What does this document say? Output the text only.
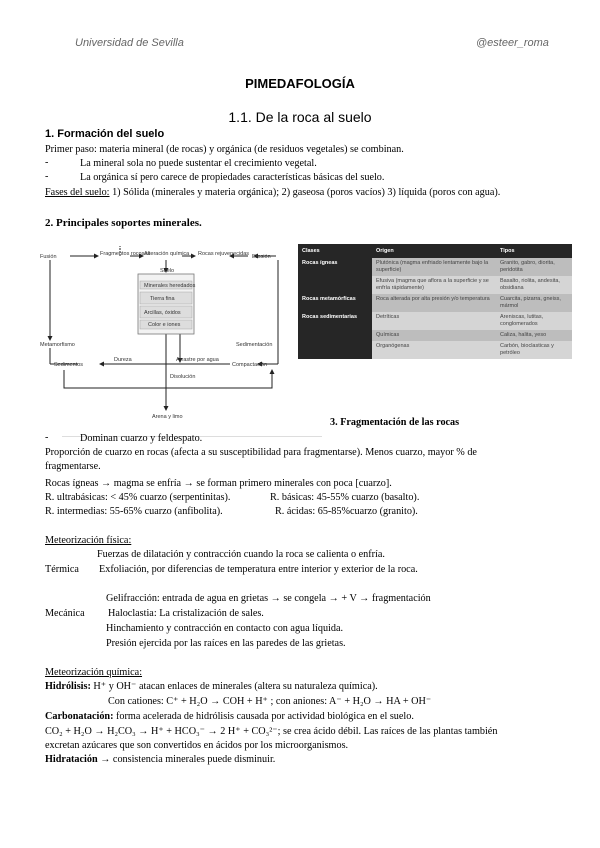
Universidad de Sevilla	@esteer_roma
PIMEDAFOLOGÍA
1.1. De la roca al suelo
1. Formación del suelo
Primer paso: materia mineral (de rocas) y orgánica (de residuos vegetales) se combinan.
-	La mineral sola no puede sustentar el crecimiento vegetal.
-	La orgánica sí pero carece de propiedades características básicas del suelo.
Fases del suelo: 1) Sólida (minerales y materia orgánica); 2) gaseosa (poros vacíos) 3) líquida (poros con agua).
2. Principales soportes minerales.
Fusión	Fragmentos rocosos
Alteración química Rocas rejuvenecidas Erosión
Suelo
Minerales heredados
Tierra fina
Arcillas, óxidos
Color e iones
Metamorfismo	Sedimentación
Dureza	Arrastre por agua
Sedimentos	Compactación
Disolución
Arena y limo
Clases	Origen	Tipos
Rocas ígneas	Plutónica (magma enfriado lentamente bajo la superficie)	Granito, gabro, diorita, peridotita
	Efusiva (magma que aflora a la superficie y se enfría rápidamente)	Basalto, riolita, andesita, obsidiana
Rocas metamórficas	Roca alterada por alta presión y/o temperatura	Cuarcita, pizarra, gneiss, mármol
Rocas sedimentarias	Detríticas	Areniscas, lutitas, conglomerados
	Químicas	Caliza, halita, yeso
	Organógenas	Carbón, bioclasticas y petróleo
3. Fragmentación de las rocas
-	Dominan cuarzo y feldespato.
Proporción de cuarzo en rocas (afecta a su susceptibilidad para fragmentarse). Menos cuarzo, mayor % de
fragmentarse.
Rocas ígneas → magma se enfría → se forman primero minerales con poca [cuarzo].
R. ultrabásicas: < 45% cuarzo (serpentinitas).	R. básicas: 45-55% cuarzo (basalto).
R. intermedias: 55-65% cuarzo (anfibolita).	R. ácidas: 65-85%cuarzo (granito).
Meteorización física:
Fuerzas de dilatación y contracción cuando la roca se calienta o enfría.
Térmica Exfoliación, por diferencias de temperatura entre interior y exterior de la roca.
Gelifracción: entrada de agua en grietas → se congela → + V → fragmentación
Mecánica Haloclastia: La cristalización de sales.
Hinchamiento y contracción en contacto con agua líquida.
Presión ejercida por las raíces en las paredes de las grietas.
Meteorización química:
Hidrólisis: H⁺ y OH⁻ atacan enlaces de minerales (altera su naturaleza química).
Con cationes: C⁺ + H₂O → COH + H⁺ ; con aniones: A⁻ + H₂O → HA + OH⁻
Carbonatación: forma acelerada de hidrólisis causada por actividad biológica en el suelo.
CO₂ + H₂O → H₂CO₃ → H⁺ + HCO₃⁻ → 2 H⁺ + CO₃²⁻; se crea ácido débil. Las raíces de las plantas también
excretan azúcares que son convertidos en ácidos por los microorganismos.
Hidratación → consistencia minerales puede disminuir.
